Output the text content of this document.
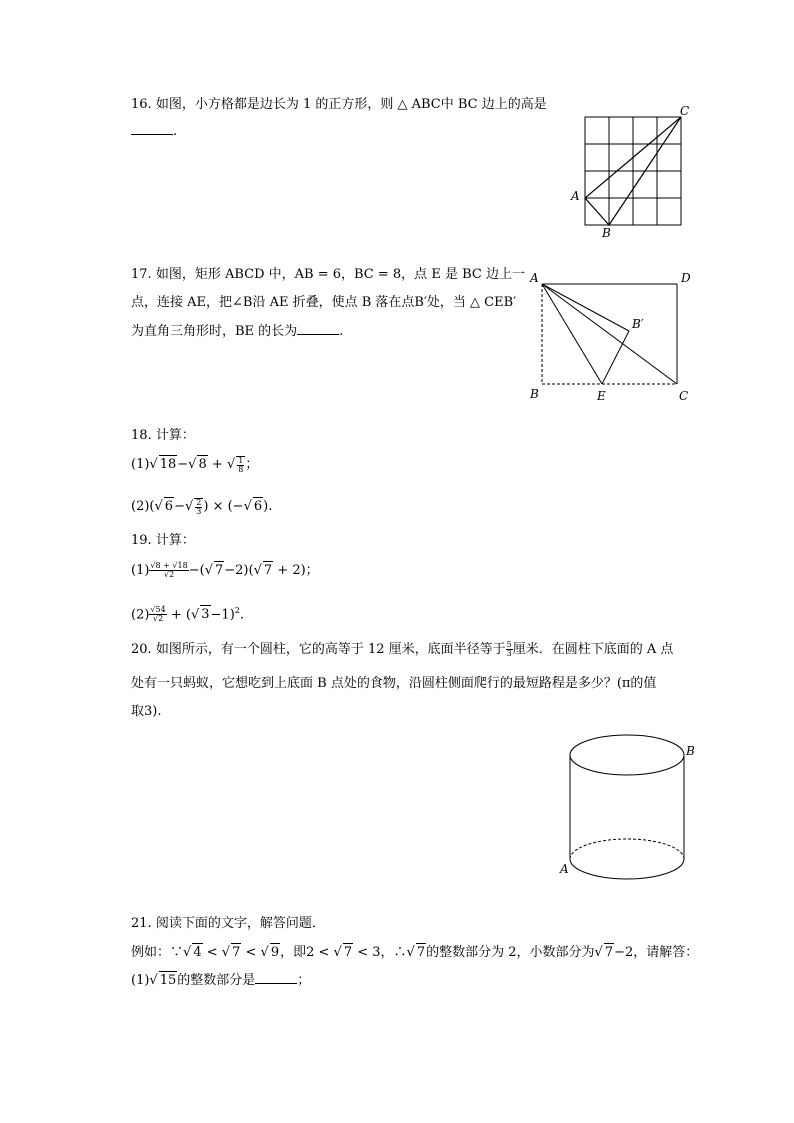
16. 如图，小方格都是边长为 1 的正方形，则 △ ABC中 BC 边上的高是
.
A
B
C
17. 如图，矩形 ABCD 中，AB = 6，BC = 8，点 E 是 BC 边上一
点，连接 AE，把∠B沿 AE 折叠，使点 B 落在点B′处，当 △ CEB′
为直角三角形时，BE 的长为	.
A	D
B	E	C
B′
18. 计算：
(1)√ 18−√ 8 + √ $\frac{1}{8}$ ；
(2)(√ $6-√ \frac{2}{3}$ ) × (−√ 6).
19. 计算：
$(1) \frac{√8 + √18}{√2}$ −(√ 7−2)(√ 7 + 2)；
$(2) \frac{√54}{√2}$ + (√ 3−1)$^2$.
20. 如图所示，有一个圆柱，它的高等于 12 厘米，底面半径等于 $\frac{5}{3}$ 厘米．在圆柱下底面的 A 点
处有一只蚂蚁，它想吃到上底面 B 点处的食物，沿圆柱侧面爬行的最短路程是多少？(π的值
取3).
B
A
21. 阅读下面的文字，解答问题．
例如：∵√ 4 < √ 7 < √ 9，即2 < √ 7 < 3，∴√ 7的整数部分为 2，小数部分为√ 7−2，请解答：
(1)√ 15的整数部分是	；
